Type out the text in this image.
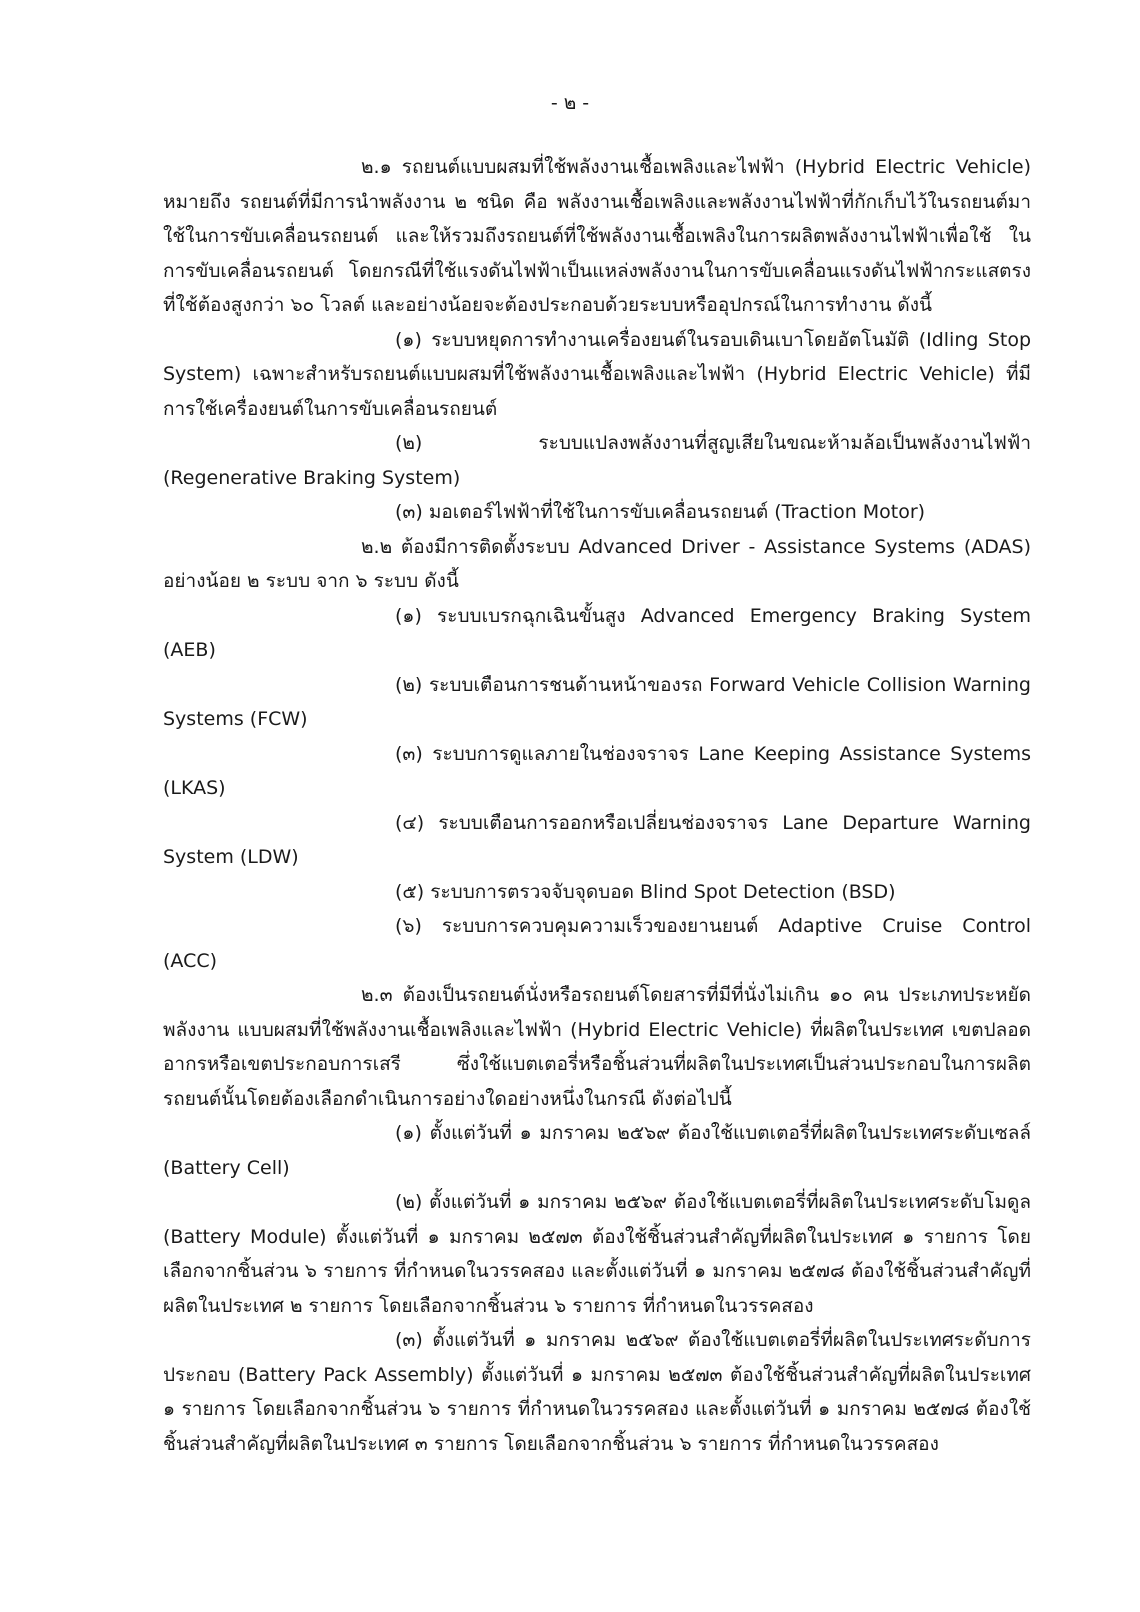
- ๒ -

๒.๑ รถยนต์แบบผสมที่ใช้พลังงานเชื้อเพลิงและไฟฟ้า (Hybrid Electric Vehicle) หมายถึง รถยนต์ที่มีการนำพลังงาน ๒ ชนิด คือ พลังงานเชื้อเพลิงและพลังงานไฟฟ้าที่กักเก็บไว้ในรถยนต์มาใช้ในการขับเคลื่อนรถยนต์ และให้รวมถึงรถยนต์ที่ใช้พลังงานเชื้อเพลิงในการผลิตพลังงานไฟฟ้าเพื่อใช้ ในการขับเคลื่อนรถยนต์ โดยกรณีที่ใช้แรงดันไฟฟ้าเป็นแหล่งพลังงานในการขับเคลื่อนแรงดันไฟฟ้ากระแสตรงที่ใช้ต้องสูงกว่า ๖๐ โวลต์ และอย่างน้อยจะต้องประกอบด้วยระบบหรืออุปกรณ์ในการทำงาน ดังนี้

(๑) ระบบหยุดการทำงานเครื่องยนต์ในรอบเดินเบาโดยอัตโนมัติ (Idling Stop System) เฉพาะสำหรับรถยนต์แบบผสมที่ใช้พลังงานเชื้อเพลิงและไฟฟ้า (Hybrid Electric Vehicle) ที่มีการใช้เครื่องยนต์ในการขับเคลื่อนรถยนต์

(๒) ระบบแปลงพลังงานที่สูญเสียในขณะห้ามล้อเป็นพลังงานไฟฟ้า (Regenerative Braking System)

(๓) มอเตอร์ไฟฟ้าที่ใช้ในการขับเคลื่อนรถยนต์ (Traction Motor)

๒.๒ ต้องมีการติดตั้งระบบ Advanced Driver - Assistance Systems (ADAS) อย่างน้อย ๒ ระบบ จาก ๖ ระบบ ดังนี้

(๑) ระบบเบรกฉุกเฉินขั้นสูง Advanced Emergency Braking System (AEB)

(๒) ระบบเตือนการชนด้านหน้าของรถ Forward Vehicle Collision Warning Systems (FCW)

(๓) ระบบการดูแลภายในช่องจราจร Lane Keeping Assistance Systems (LKAS)

(๔) ระบบเตือนการออกหรือเปลี่ยนช่องจราจร Lane Departure Warning System (LDW)

(๕) ระบบการตรวจจับจุดบอด Blind Spot Detection (BSD)

(๖) ระบบการควบคุมความเร็วของยานยนต์ Adaptive Cruise Control (ACC)

๒.๓ ต้องเป็นรถยนต์นั่งหรือรถยนต์โดยสารที่มีที่นั่งไม่เกิน ๑๐ คน ประเภทประหยัดพลังงาน แบบผสมที่ใช้พลังงานเชื้อเพลิงและไฟฟ้า (Hybrid Electric Vehicle) ที่ผลิตในประเทศ เขตปลอดอากรหรือเขตประกอบการเสรี ซึ่งใช้แบตเตอรี่หรือชิ้นส่วนที่ผลิตในประเทศเป็นส่วนประกอบในการผลิตรถยนต์นั้นโดยต้องเลือกดำเนินการอย่างใดอย่างหนึ่งในกรณี ดังต่อไปนี้

(๑) ตั้งแต่วันที่ ๑ มกราคม ๒๕๖๙ ต้องใช้แบตเตอรี่ที่ผลิตในประเทศระดับเซลล์ (Battery Cell)

(๒) ตั้งแต่วันที่ ๑ มกราคม ๒๕๖๙ ต้องใช้แบตเตอรี่ที่ผลิตในประเทศระดับโมดูล (Battery Module) ตั้งแต่วันที่ ๑ มกราคม ๒๕๗๓ ต้องใช้ชิ้นส่วนสำคัญที่ผลิตในประเทศ ๑ รายการ โดยเลือกจากชิ้นส่วน ๖ รายการ ที่กำหนดในวรรคสอง และตั้งแต่วันที่ ๑ มกราคม ๒๕๗๘ ต้องใช้ชิ้นส่วนสำคัญที่ผลิตในประเทศ ๒ รายการ โดยเลือกจากชิ้นส่วน ๖ รายการ ที่กำหนดในวรรคสอง

(๓) ตั้งแต่วันที่ ๑ มกราคม ๒๕๖๙ ต้องใช้แบตเตอรี่ที่ผลิตในประเทศระดับการประกอบ (Battery Pack Assembly) ตั้งแต่วันที่ ๑ มกราคม ๒๕๗๓ ต้องใช้ชิ้นส่วนสำคัญที่ผลิตในประเทศ ๑ รายการ โดยเลือกจากชิ้นส่วน ๖ รายการ ที่กำหนดในวรรคสอง และตั้งแต่วันที่ ๑ มกราคม ๒๕๗๘ ต้องใช้ชิ้นส่วนสำคัญที่ผลิตในประเทศ ๓ รายการ โดยเลือกจากชิ้นส่วน ๖ รายการ ที่กำหนดในวรรคสอง
